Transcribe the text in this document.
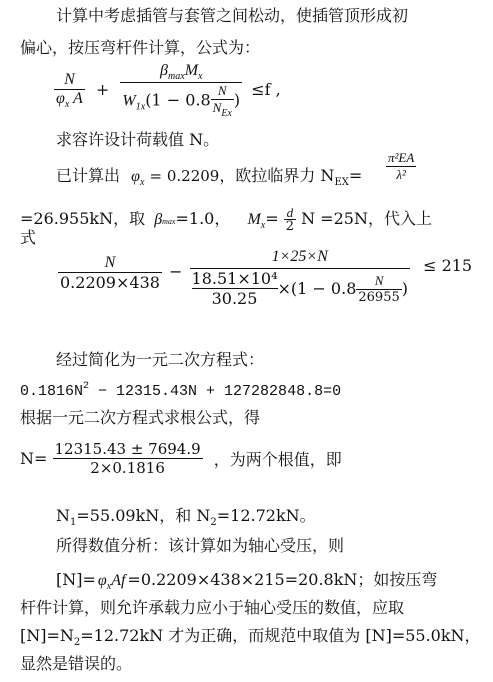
计算中考虑插管与套管之间松动，使插管顶形成初
偏心，按压弯杆件计算，公式为：
$\frac{N}{\varphi_x A} + \frac{\beta_{max}M_x}{W_{1x}(1 - 0.8 \frac{N}{N_{Ex}} )} \le f$ ,
求容许设计荷载值 N。
已计算出 $\varphi_x = 0.2209$，欧拉临界力 $N_{EX}= \frac{\text{π²EA}}{\text{λ²}}$
=26.955kN，取 βmax=1.0， $M_x= \frac{d}{2}$ N =25N，代入上
式
$\frac{N}{0.2209\times 438} - \frac{1\times 25\times N}{\frac{\text{18.51×10⁴}}{30.25} \times(1 - 0.8 \frac{N}{26955} )} \le 215$
经过简化为一元二次方程式：
$0.1816N^2 - 12315.43N + 127282848.8=0$
根据一元二次方程式求根公式，得
$N= \frac{12315.43 \pm 7694.9}{2\times 0.1816}$ ，为两个根值，即
$N_1=55.09kN$，和 $N_2=12.72kN$。
所得数值分析：该计算如为轴心受压，则
$[N]= \varphi_xAf =0.2209\times 438\times 215=20.8kN$；如按压弯
杆件计算，则允许承载力应小于轴心受压的数值，应取
$[N]=N_2=12.72kN$ 才为正确，而规范中取值为 [N]=55.0kN，
显然是错误的。
